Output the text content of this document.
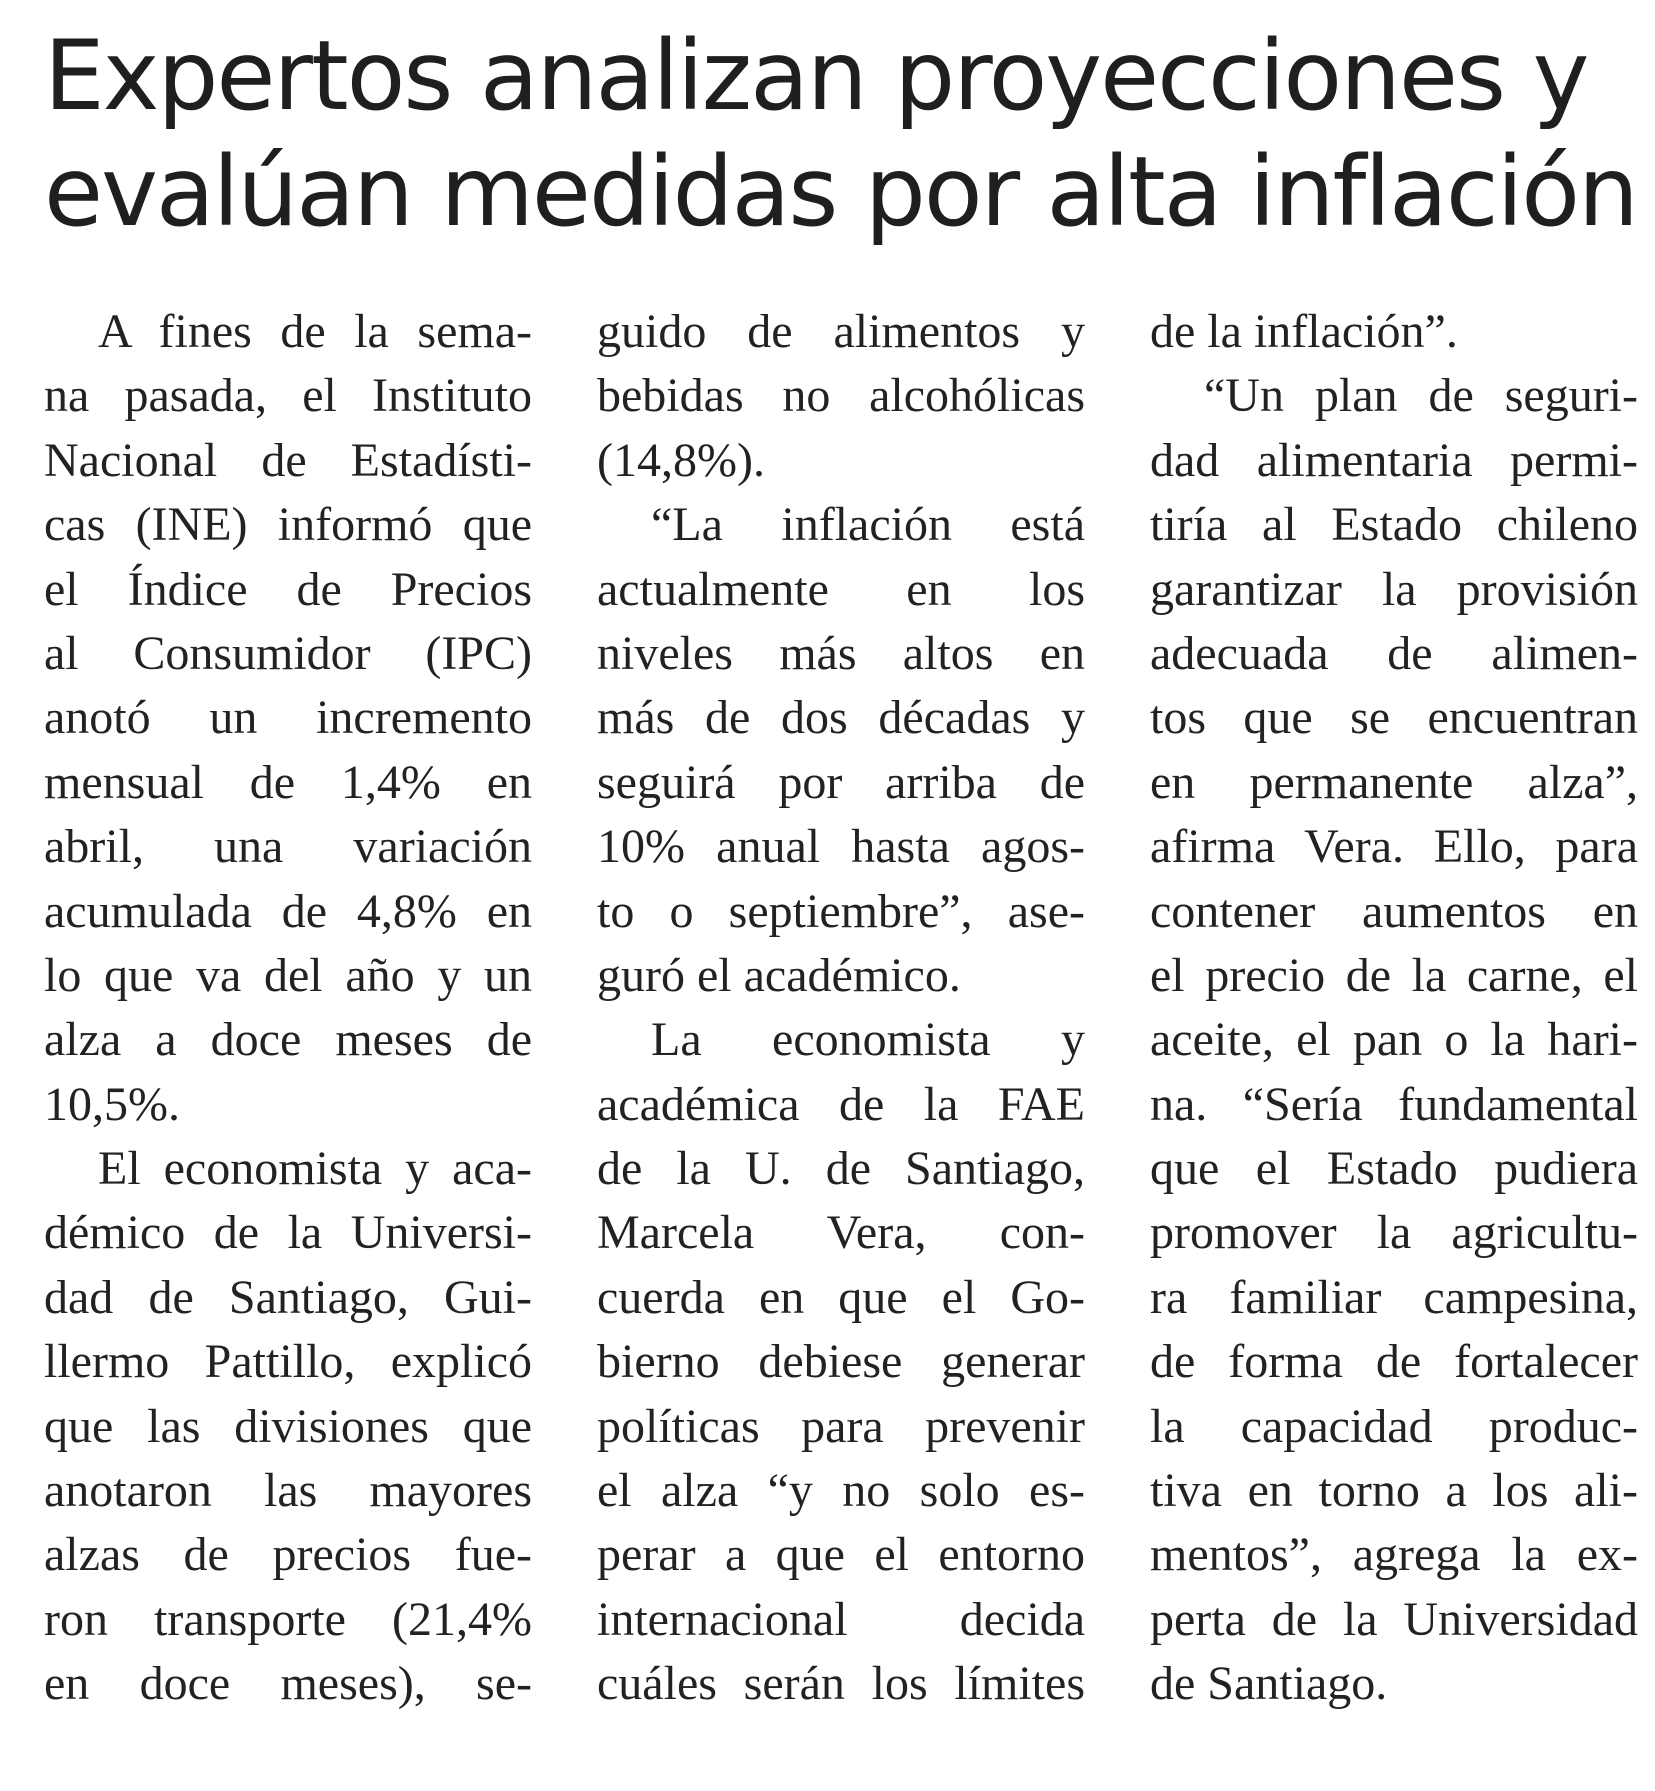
Expertos analizan proyecciones y
evalúan medidas por alta inflación
A fines de la sema-
na pasada, el Instituto
Nacional de Estadísti-
cas (INE) informó que
el Índice de Precios
al Consumidor (IPC)
anotó un incremento
mensual de 1,4% en
abril, una variación
acumulada de 4,8% en
lo que va del año y un
alza a doce meses de
10,5%.
El economista y aca-
démico de la Universi-
dad de Santiago, Gui-
llermo Pattillo, explicó
que las divisiones que
anotaron las mayores
alzas de precios fue-
ron transporte (21,4%
en doce meses), se-
guido de alimentos y
bebidas no alcohólicas
(14,8%).
“La inflación está
actualmente en los
niveles más altos en
más de dos décadas y
seguirá por arriba de
10% anual hasta agos-
to o septiembre”, ase-
guró el académico.
La economista y
académica de la FAE
de la U. de Santiago,
Marcela Vera, con-
cuerda en que el Go-
bierno debiese generar
políticas para prevenir
el alza “y no solo es-
perar a que el entorno
internacional decida
cuáles serán los límites
de la inflación”.
“Un plan de seguri-
dad alimentaria permi-
tiría al Estado chileno
garantizar la provisión
adecuada de alimen-
tos que se encuentran
en permanente alza”,
afirma Vera. Ello, para
contener aumentos en
el precio de la carne, el
aceite, el pan o la hari-
na. “Sería fundamental
que el Estado pudiera
promover la agricultu-
ra familiar campesina,
de forma de fortalecer
la capacidad produc-
tiva en torno a los ali-
mentos”, agrega la ex-
perta de la Universidad
de Santiago.
